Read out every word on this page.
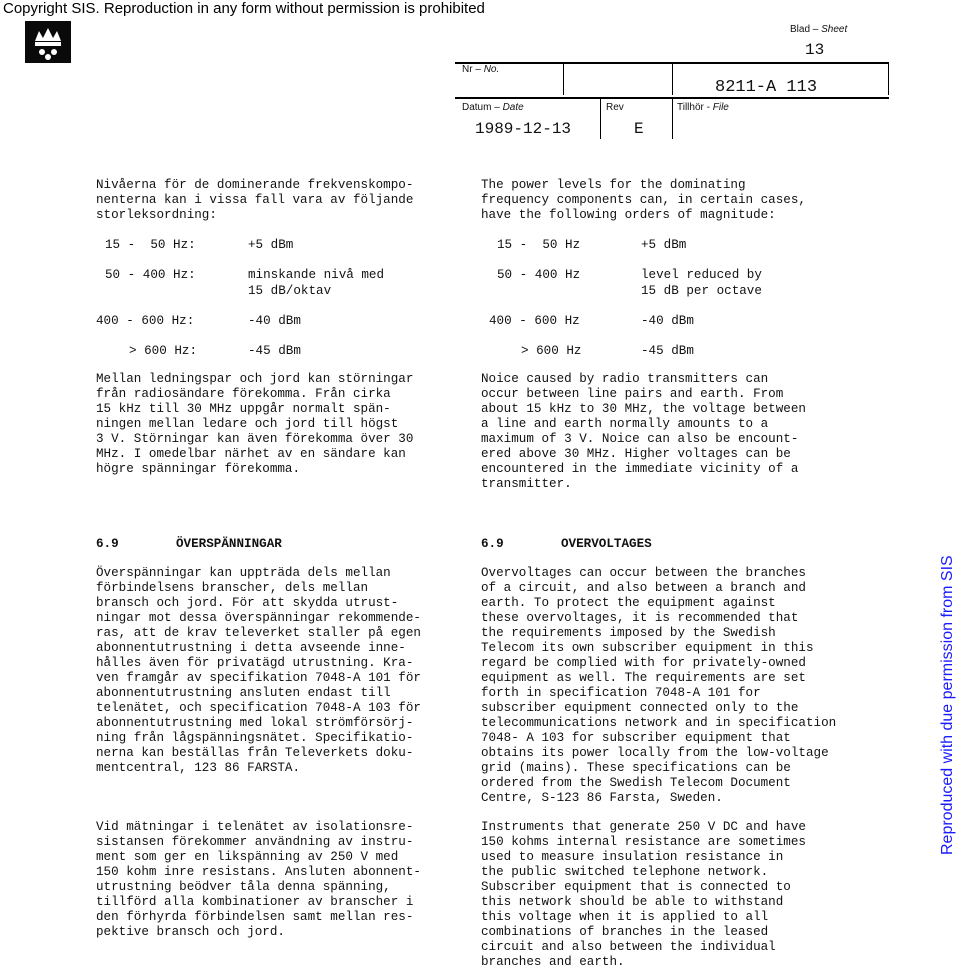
Copyright SIS. Reproduction in any form without permission is prohibited
Blad – Sheet
13
Nr – No.
8211-A 113
Datum – Date	Rev	Tillhör - File
1989-12-13	E
Nivåerna för de dominerande frekvenskompo-
nenterna kan i vissa fall vara av följande
storleksordning:
15 -  50 Hz:	+5 dBm
50 - 400 Hz:	minskande nivå med
15 dB/oktav
400 - 600 Hz:	-40 dBm
> 600 Hz:	-45 dBm
Mellan ledningspar och jord kan störningar
från radiosändare förekomma. Från cirka
15 kHz till 30 MHz uppgår normalt spän-
ningen mellan ledare och jord till högst
3 V. Störningar kan även förekomma över 30
MHz. I omedelbar närhet av en sändare kan
högre spänningar förekomma.
6.9	ÖVERSPÄNNINGAR
Överspänningar kan uppträda dels mellan
förbindelsens branscher, dels mellan
bransch och jord. För att skydda utrust-
ningar mot dessa överspänningar rekommende-
ras, att de krav televerket staller på egen
abonnentutrustning i detta avseende inne-
hålles även för privatägd utrustning. Kra-
ven framgår av specifikation 7048-A 101 för
abonnentutrustning ansluten endast till
telenätet, och specification 7048-A 103 för
abonnentutrustning med lokal strömförsörj-
ning från lågspänningsnätet. Specifikatio-
nerna kan beställas från Televerkets doku-
mentcentral, 123 86 FARSTA.
Vid mätningar i telenätet av isolationsre-
sistansen förekommer användning av instru-
ment som ger en likspänning av 250 V med
150 kohm inre resistans. Ansluten abonnent-
utrustning beödver tåla denna spänning,
tillförd alla kombinationer av branscher i
den förhyrda förbindelsen samt mellan res-
pektive bransch och jord.
The power levels for the dominating
frequency components can, in certain cases,
have the following orders of magnitude:
15 -  50 Hz	+5 dBm
50 - 400 Hz	level reduced by
15 dB per octave
400 - 600 Hz	-40 dBm
> 600 Hz	-45 dBm
Noice caused by radio transmitters can
occur between line pairs and earth. From
about 15 kHz to 30 MHz, the voltage between
a line and earth normally amounts to a
maximum of 3 V. Noice can also be encount-
ered above 30 MHz. Higher voltages can be
encountered in the immediate vicinity of a
transmitter.
6.9	OVERVOLTAGES
Overvoltages can occur between the branches
of a circuit, and also between a branch and
earth. To protect the equipment against
these overvoltages, it is recommended that
the requirements imposed by the Swedish
Telecom its own subscriber equipment in this
regard be complied with for privately-owned
equipment as well. The requirements are set
forth in specification 7048-A 101 for
subscriber equipment connected only to the
telecommunications network and in specification
7048- A 103 for subscriber equipment that
obtains its power locally from the low-voltage
grid (mains). These specifications can be
ordered from the Swedish Telecom Document
Centre, S-123 86 Farsta, Sweden.
Instruments that generate 250 V DC and have
150 kohms internal resistance are sometimes
used to measure insulation resistance in
the public switched telephone network.
Subscriber equipment that is connected to
this network should be able to withstand
this voltage when it is applied to all
combinations of branches in the leased
circuit and also between the individual
branches and earth.
Reproduced with due permission from SIS
